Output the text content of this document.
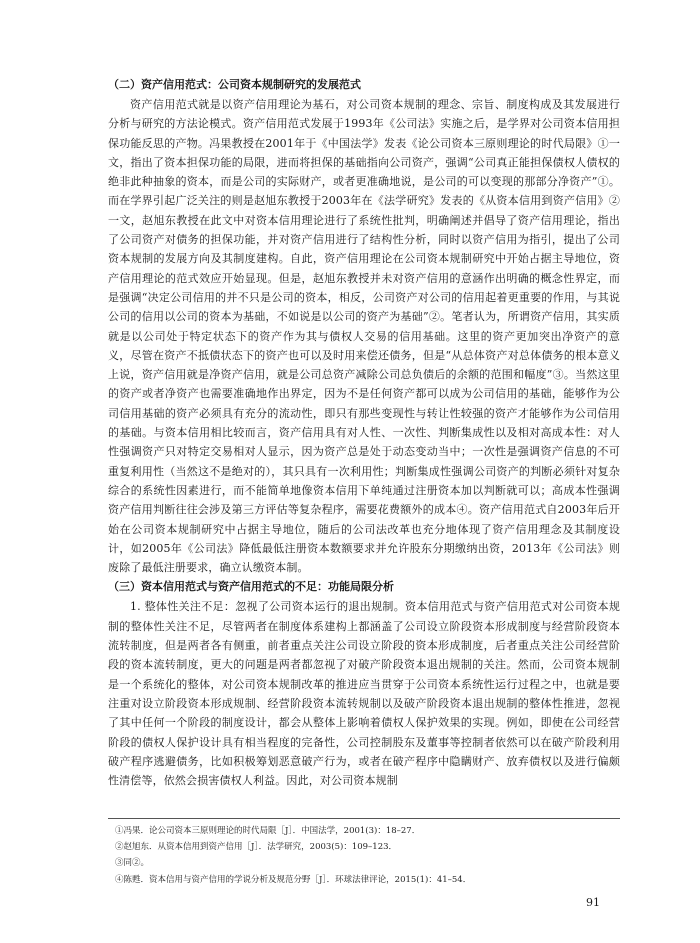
（二）资产信用范式：公司资本规制研究的发展范式

资产信用范式就是以资产信用理论为基石，对公司资本规制的理念、宗旨、制度构成及其发展进行分析与研究的方法论模式。资产信用范式发展于1993年《公司法》实施之后，是学界对公司资本信用担保功能反思的产物。冯果教授在2001年于《中国法学》发表《论公司资本三原则理论的时代局限》①一文，指出了资本担保功能的局限，进而将担保的基础指向公司资产，强调“公司真正能担保债权人债权的绝非此种抽象的资本，而是公司的实际财产，或者更准确地说，是公司的可以变现的那部分净资产”①。而在学界引起广泛关注的则是赵旭东教授于2003年在《法学研究》发表的《从资本信用到资产信用》②一文，赵旭东教授在此文中对资本信用理论进行了系统性批判，明确阐述并倡导了资产信用理论，指出了公司资产对债务的担保功能，并对资产信用进行了结构性分析，同时以资产信用为指引，提出了公司资本规制的发展方向及其制度建构。自此，资产信用理论在公司资本规制研究中开始占据主导地位，资产信用理论的范式效应开始显现。但是，赵旭东教授并未对资产信用的意涵作出明确的概念性界定，而是强调“决定公司信用的并不只是公司的资本，相反，公司资产对公司的信用起着更重要的作用，与其说公司的信用以公司的资本为基础，不如说是以公司的资产为基础”②。笔者认为，所谓资产信用，其实质就是以公司处于特定状态下的资产作为其与债权人交易的信用基础。这里的资产更加突出净资产的意义，尽管在资产不抵债状态下的资产也可以及时用来偿还债务，但是“从总体资产对总体债务的根本意义上说，资产信用就是净资产信用，就是公司总资产减除公司总负债后的余额的范围和幅度”③。当然这里的资产或者净资产也需要准确地作出界定，因为不是任何资产都可以成为公司信用的基础，能够作为公司信用基础的资产必须具有充分的流动性，即只有那些变现性与转让性较强的资产才能够作为公司信用的基础。与资本信用相比较而言，资产信用具有对人性、一次性、判断集成性以及相对高成本性：对人性强调资产只对特定交易相对人显示，因为资产总是处于动态变动当中；一次性是强调资产信息的不可重复利用性（当然这不是绝对的），其只具有一次利用性；判断集成性强调公司资产的判断必须针对复杂综合的系统性因素进行，而不能简单地像资本信用下单纯通过注册资本加以判断就可以；高成本性强调资产信用判断往往会涉及第三方评估等复杂程序，需要花费额外的成本④。资产信用范式自2003年后开始在公司资本规制研究中占据主导地位，随后的公司法改革也充分地体现了资产信用理念及其制度设计，如2005年《公司法》降低最低注册资本数额要求并允许股东分期缴纳出资，2013年《公司法》则废除了最低注册要求，确立认缴资本制。

（三）资本信用范式与资产信用范式的不足：功能局限分析

1. 整体性关注不足：忽视了公司资本运行的退出规制。资本信用范式与资产信用范式对公司资本规制的整体性关注不足，尽管两者在制度体系建构上都涵盖了公司设立阶段资本形成制度与经营阶段资本流转制度，但是两者各有侧重，前者重点关注公司设立阶段的资本形成制度，后者重点关注公司经营阶段的资本流转制度，更大的问题是两者都忽视了对破产阶段资本退出规制的关注。然而，公司资本规制是一个系统化的整体，对公司资本规制改革的推进应当贯穿于公司资本系统性运行过程之中，也就是要注重对设立阶段资本形成规制、经营阶段资本流转规制以及破产阶段资本退出规制的整体性推进，忽视了其中任何一个阶段的制度设计，都会从整体上影响着债权人保护效果的实现。例如，即使在公司经营阶段的债权人保护设计具有相当程度的完备性，公司控制股东及董事等控制者依然可以在破产阶段利用破产程序逃避债务，比如积极筹划恶意破产行为，或者在破产程序中隐瞒财产、放弃债权以及进行偏颇性清偿等，依然会损害债权人利益。因此，对公司资本规制

①冯果．论公司资本三原则理论的时代局限［J］．中国法学，2001(3)：18–27．

②赵旭东．从资本信用到资产信用［J］．法学研究，2003(5)：109–123．

③同②。

④陈甦．资本信用与资产信用的学说分析及规范分野［J］．环球法律评论，2015(1)：41–54．

91
